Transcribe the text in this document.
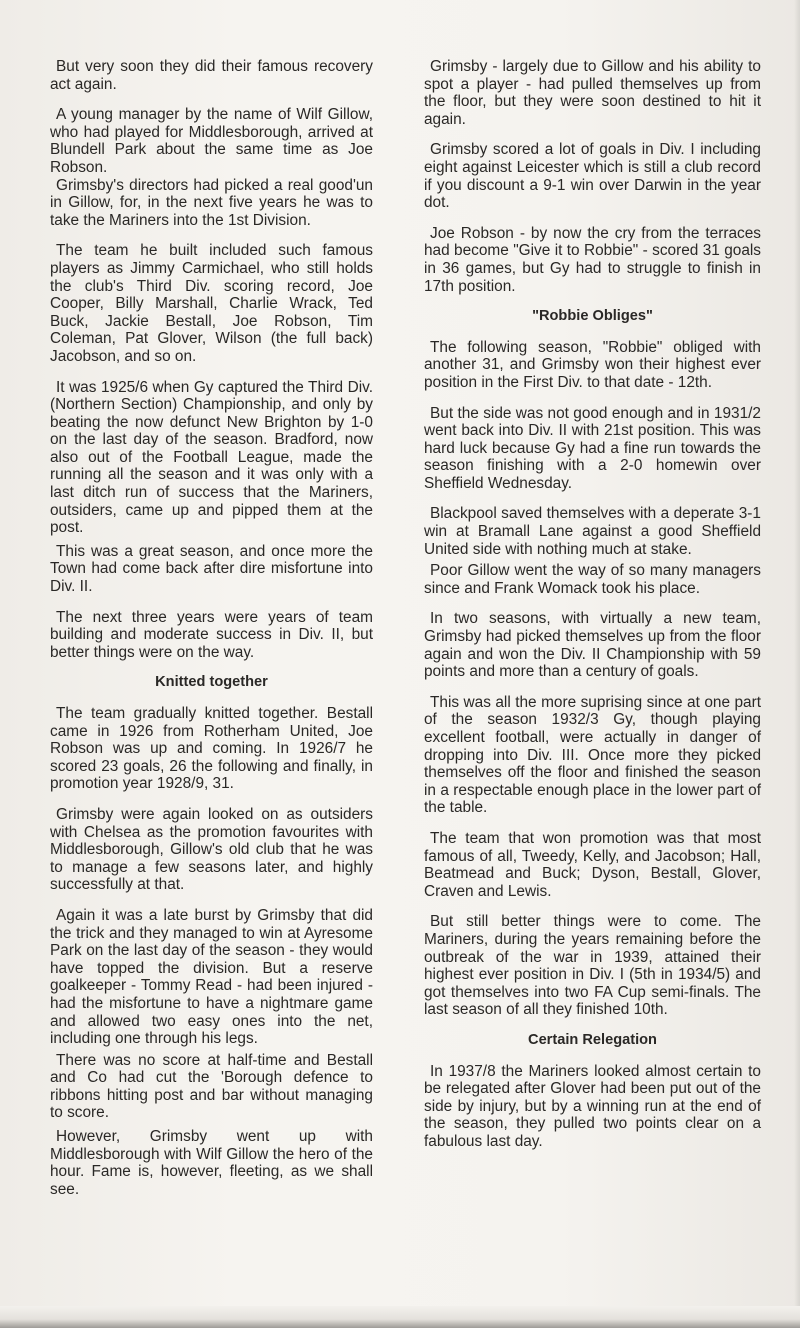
But very soon they did their famous recovery act again.

A young manager by the name of Wilf Gillow, who had played for Middlesborough, arrived at Blundell Park about the same time as Joe Robson.

Grimsby's directors had picked a real good'un in Gillow, for, in the next five years he was to take the Mariners into the 1st Division.

The team he built included such famous players as Jimmy Carmichael, who still holds the club's Third Div. scoring record, Joe Cooper, Billy Marshall, Charlie Wrack, Ted Buck, Jackie Bestall, Joe Robson, Tim Coleman, Pat Glover, Wilson (the full back) Jacobson, and so on.

It was 1925/6 when Gy captured the Third Div. (Northern Section) Championship, and only by beating the now defunct New Brighton by 1-0 on the last day of the season. Bradford, now also out of the Football League, made the running all the season and it was only with a last ditch run of success that the Mariners, outsiders, came up and pipped them at the post.

This was a great season, and once more the Town had come back after dire misfortune into Div. II.

The next three years were years of team building and moderate success in Div. II, but better things were on the way.

Knitted together

The team gradually knitted together. Bestall came in 1926 from Rotherham United, Joe Robson was up and coming. In 1926/7 he scored 23 goals, 26 the following and finally, in promotion year 1928/9, 31.

Grimsby were again looked on as outsiders with Chelsea as the promotion favourites with Middlesborough, Gillow's old club that he was to manage a few seasons later, and highly successfully at that.

Again it was a late burst by Grimsby that did the trick and they managed to win at Ayresome Park on the last day of the season - they would have topped the division. But a reserve goalkeeper - Tommy Read - had been injured - had the misfortune to have a nightmare game and allowed two easy ones into the net, including one through his legs.

There was no score at half-time and Bestall and Co had cut the 'Borough defence to ribbons hitting post and bar without managing to score.

However, Grimsby went up with Middlesborough with Wilf Gillow the hero of the hour. Fame is, however, fleeting, as we shall see.

Grimsby - largely due to Gillow and his ability to spot a player - had pulled themselves up from the floor, but they were soon destined to hit it again.

Grimsby scored a lot of goals in Div. I including eight against Leicester which is still a club record if you discount a 9-1 win over Darwin in the year dot.

Joe Robson - by now the cry from the terraces had become "Give it to Robbie" - scored 31 goals in 36 games, but Gy had to struggle to finish in 17th position.

"Robbie Obliges"

The following season, "Robbie" obliged with another 31, and Grimsby won their highest ever position in the First Div. to that date - 12th.

But the side was not good enough and in 1931/2 went back into Div. II with 21st position. This was hard luck because Gy had a fine run towards the season finishing with a 2-0 homewin over Sheffield Wednesday.

Blackpool saved themselves with a deperate 3-1 win at Bramall Lane against a good Sheffield United side with nothing much at stake.

Poor Gillow went the way of so many managers since and Frank Womack took his place.

In two seasons, with virtually a new team, Grimsby had picked themselves up from the floor again and won the Div. II Championship with 59 points and more than a century of goals.

This was all the more suprising since at one part of the season 1932/3 Gy, though playing excellent football, were actually in danger of dropping into Div. III. Once more they picked themselves off the floor and finished the season in a respectable enough place in the lower part of the table.

The team that won promotion was that most famous of all, Tweedy, Kelly, and Jacobson; Hall, Beatmead and Buck; Dyson, Bestall, Glover, Craven and Lewis.

But still better things were to come. The Mariners, during the years remaining before the outbreak of the war in 1939, attained their highest ever position in Div. I (5th in 1934/5) and got themselves into two FA Cup semi-finals. The last season of all they finished 10th.

Certain Relegation

In 1937/8 the Mariners looked almost certain to be relegated after Glover had been put out of the side by injury, but by a winning run at the end of the season, they pulled two points clear on a fabulous last day.
